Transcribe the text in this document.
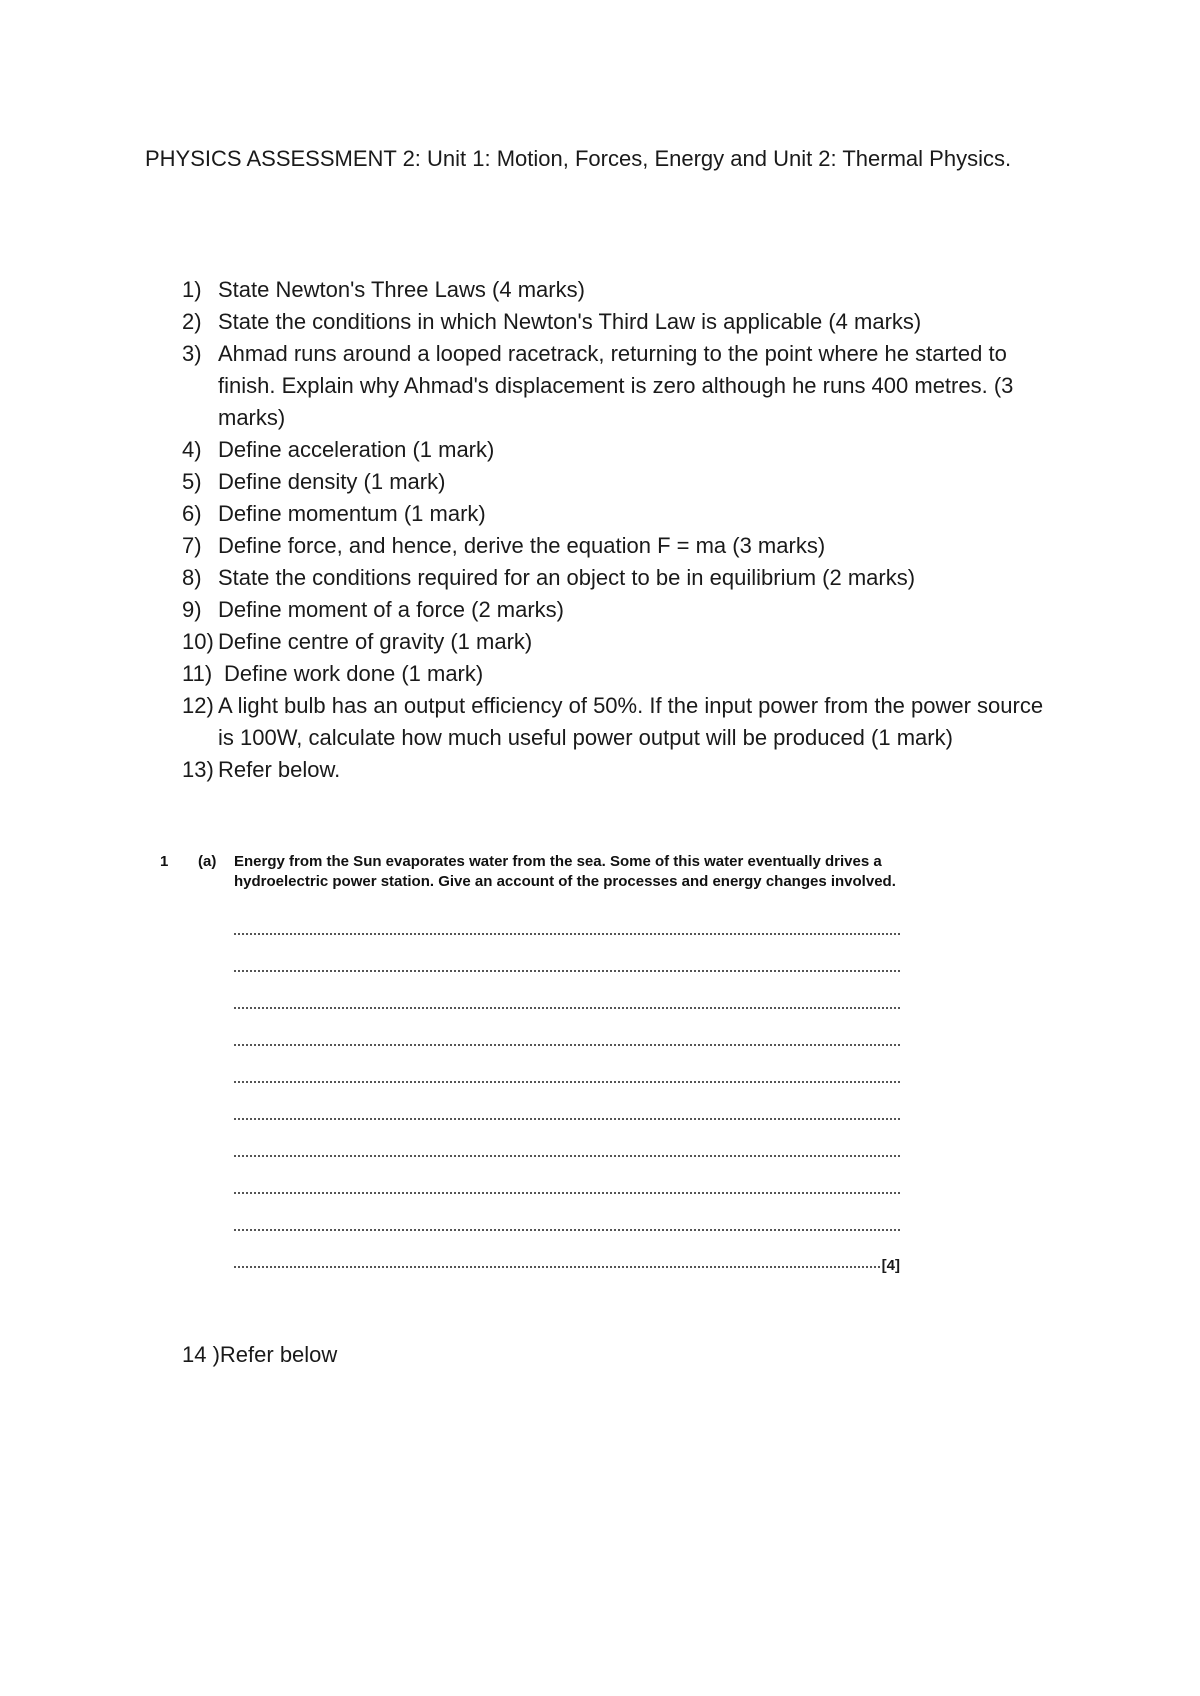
PHYSICS ASSESSMENT 2: Unit 1: Motion, Forces, Energy and Unit 2: Thermal Physics.
1) State Newton's Three Laws (4 marks)
2) State the conditions in which Newton's Third Law is applicable (4 marks)
3) Ahmad runs around a looped racetrack, returning to the point where he started to finish. Explain why Ahmad's displacement is zero although he runs 400 metres. (3 marks)
4) Define acceleration (1 mark)
5) Define density (1 mark)
6) Define momentum (1 mark)
7) Define force, and hence, derive the equation F = ma (3 marks)
8) State the conditions required for an object to be in equilibrium (2 marks)
9) Define moment of a force (2 marks)
10) Define centre of gravity (1 mark)
11) Define work done (1 mark)
12) A light bulb has an output efficiency of 50%. If the input power from the power source is 100W, calculate how much useful power output will be produced (1 mark)
13) Refer below.
1	(a)	Energy from the Sun evaporates water from the sea. Some of this water eventually drives a hydroelectric power station. Give an account of the processes and energy changes involved.
[4]
14 )Refer below
